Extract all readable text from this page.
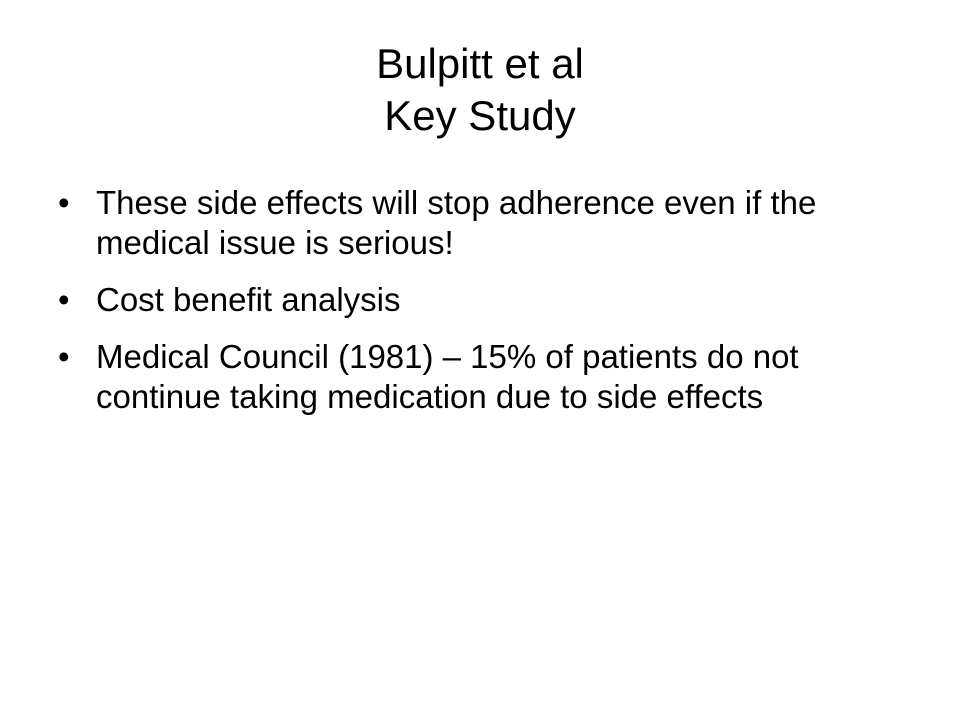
Bulpitt et al
Key Study
• These side effects will stop adherence even if the medical issue is serious!
• Cost benefit analysis
• Medical Council (1981) – 15% of patients do not continue taking medication due to side effects
